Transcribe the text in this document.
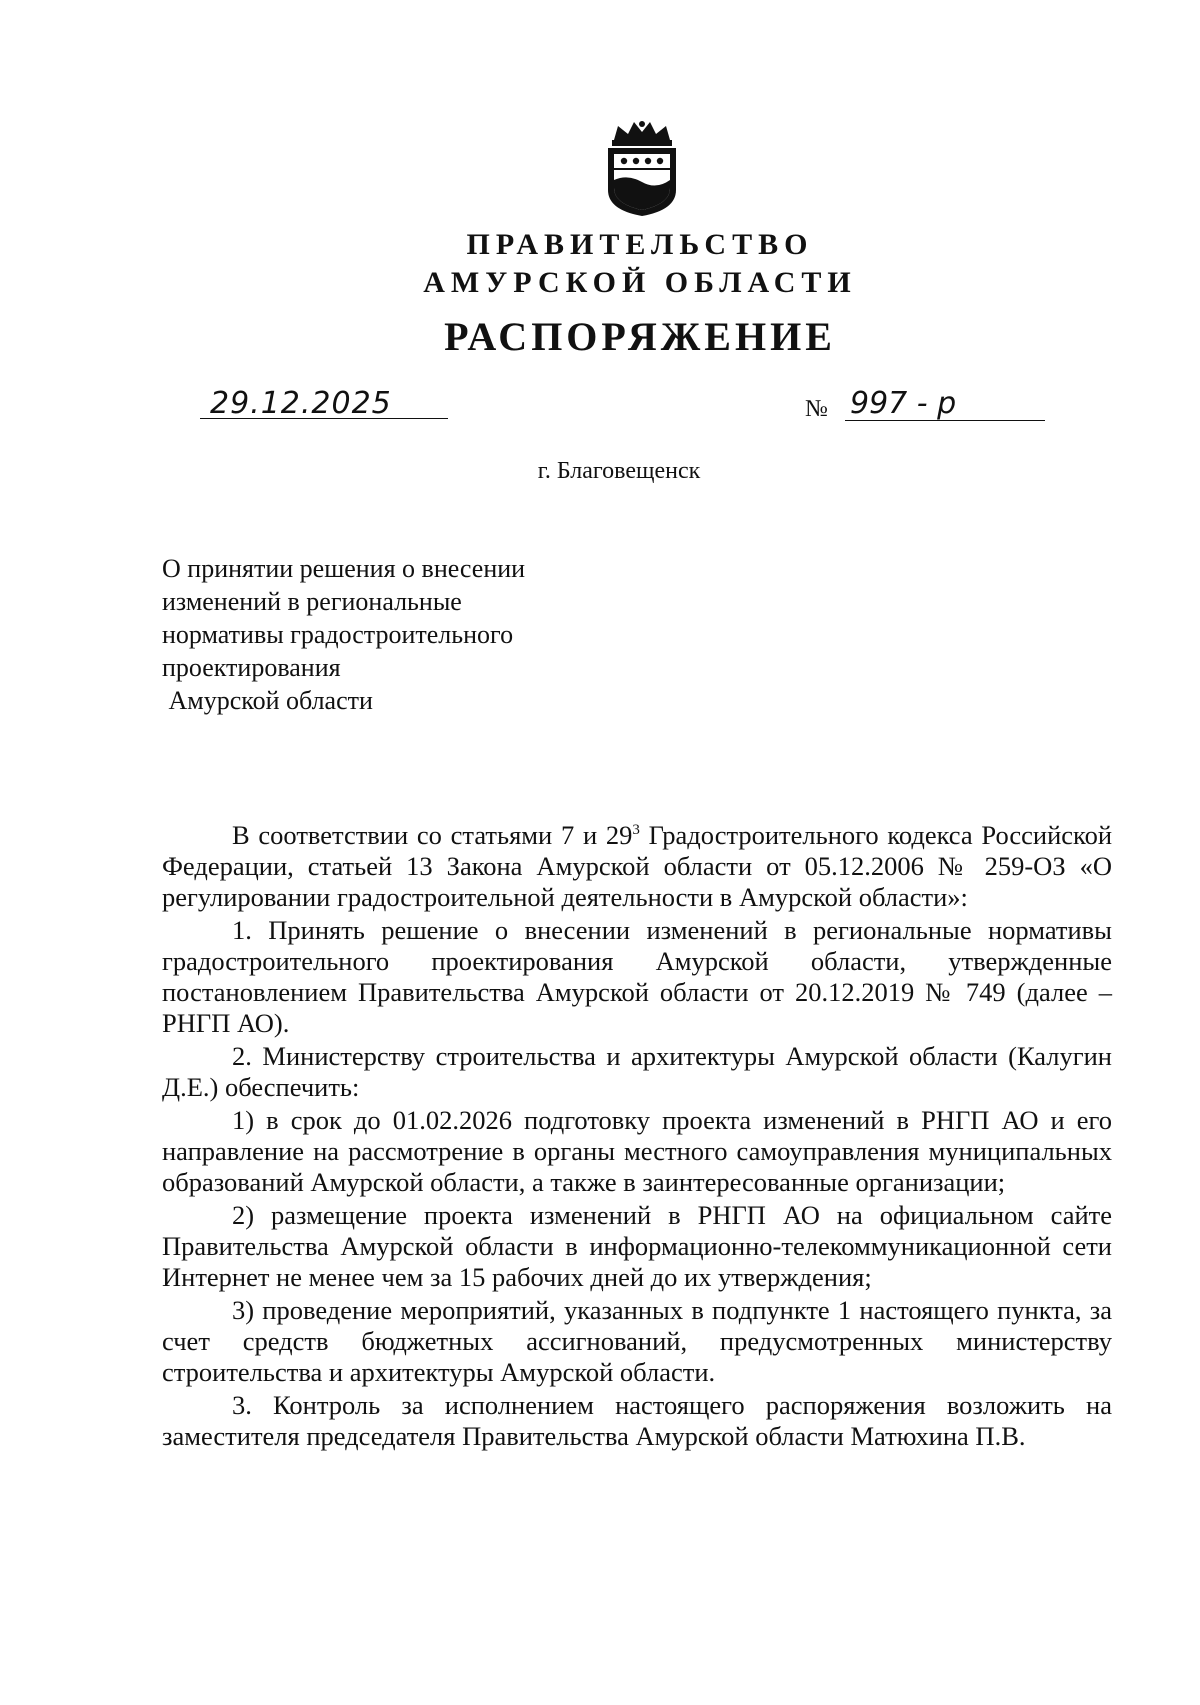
ПРАВИТЕЛЬСТВО
АМУРСКОЙ ОБЛАСТИ
РАСПОРЯЖЕНИЕ
29.12.2025	№ 997 - р
г. Благовещенск
О принятии решения о внесении
изменений в региональные
нормативы градостроительного
проектирования
Амурской области

В соответствии со статьями 7 и $29^3$ Градостроительного кодекса Российской Федерации, статьей 13 Закона Амурской области от 05.12.2006 № 259-ОЗ «О регулировании градостроительной деятельности в Амурской области»:

1. Принять решение о внесении изменений в региональные нормативы градостроительного проектирования Амурской области, утвержденные постановлением Правительства Амурской области от 20.12.2019 № 749 (далее – РНГП АО).

2. Министерству строительства и архитектуры Амурской области (Калугин Д.Е.) обеспечить:

1) в срок до 01.02.2026 подготовку проекта изменений в РНГП АО и его направление на рассмотрение в органы местного самоуправления муниципальных образований Амурской области, а также в заинтересованные организации;

2) размещение проекта изменений в РНГП АО на официальном сайте Правительства Амурской области в информационно-телекоммуникационной сети Интернет не менее чем за 15 рабочих дней до их утверждения;

3) проведение мероприятий, указанных в подпункте 1 настоящего пункта, за счет средств бюджетных ассигнований, предусмотренных министерству строительства и архитектуры Амурской области.

3. Контроль за исполнением настоящего распоряжения возложить на заместителя председателя Правительства Амурской области Матюхина П.В.
